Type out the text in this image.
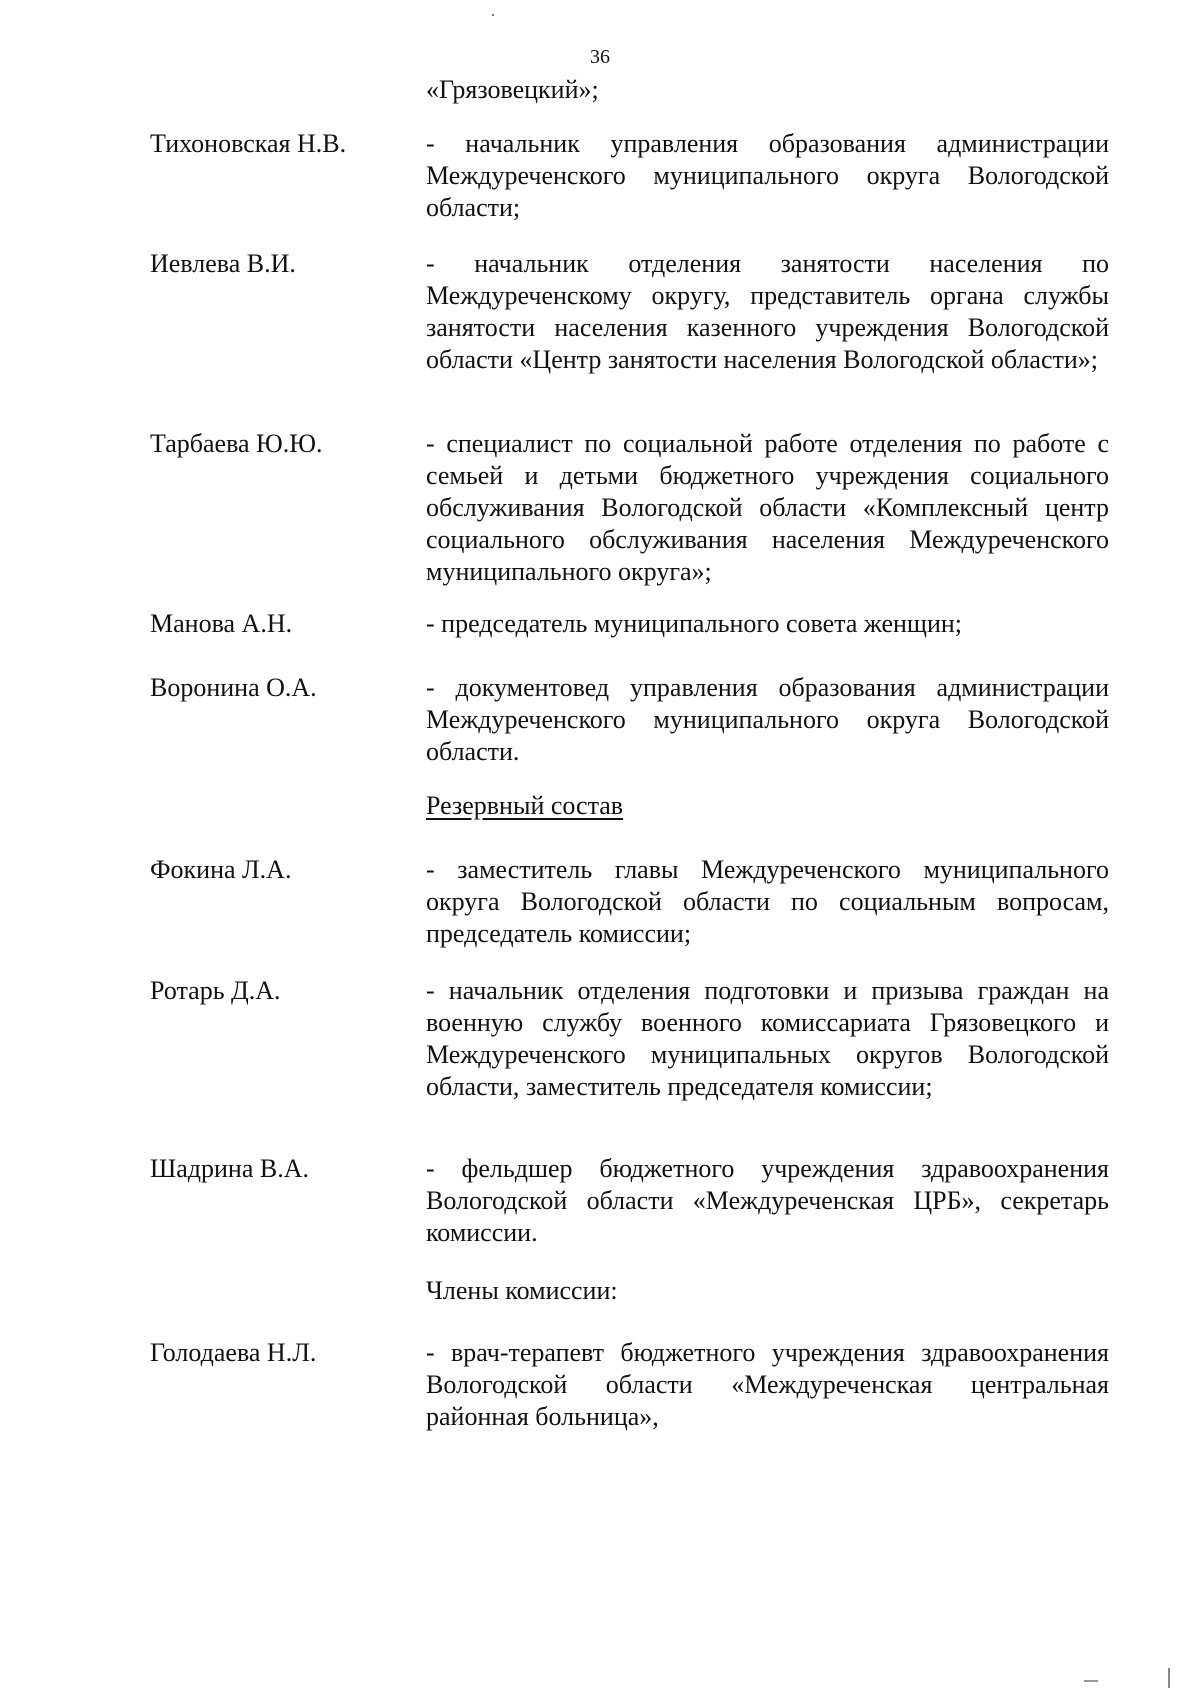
36
«Грязовецкий»;
Тихоновская Н.В.	- начальник управления образования администрации Междуреченского муниципального округа Вологодской области;
Иевлева В.И.	- начальник отделения занятости населения по Междуреченскому округу, представитель органа службы занятости населения казенного учреждения Вологодской области «Центр занятости населения Вологодской области»;
Тарбаева Ю.Ю.	- специалист по социальной работе отделения по работе с семьей и детьми бюджетного учреждения социального обслуживания Вологодской области «Комплексный центр социального обслуживания населения Междуреченского муниципального округа»;
Манова А.Н.	- председатель муниципального совета женщин;
Воронина О.А.	- документовед управления образования администрации Междуреченского муниципального округа Вологодской области.
Резервный состав
Фокина Л.А.	- заместитель главы Междуреченского муниципального округа Вологодской области по социальным вопросам, председатель комиссии;
Ротарь Д.А.	- начальник отделения подготовки и призыва граждан на военную службу военного комиссариата Грязовецкого и Междуреченского муниципальных округов Вологодской области, заместитель председателя комиссии;
Шадрина В.А.	- фельдшер бюджетного учреждения здравоохранения Вологодской области «Междуреченская ЦРБ», секретарь комиссии.
Члены комиссии:
Голодаева Н.Л.	- врач-терапевт бюджетного учреждения здравоохранения Вологодской области «Междуреченская центральная районная больница»,
